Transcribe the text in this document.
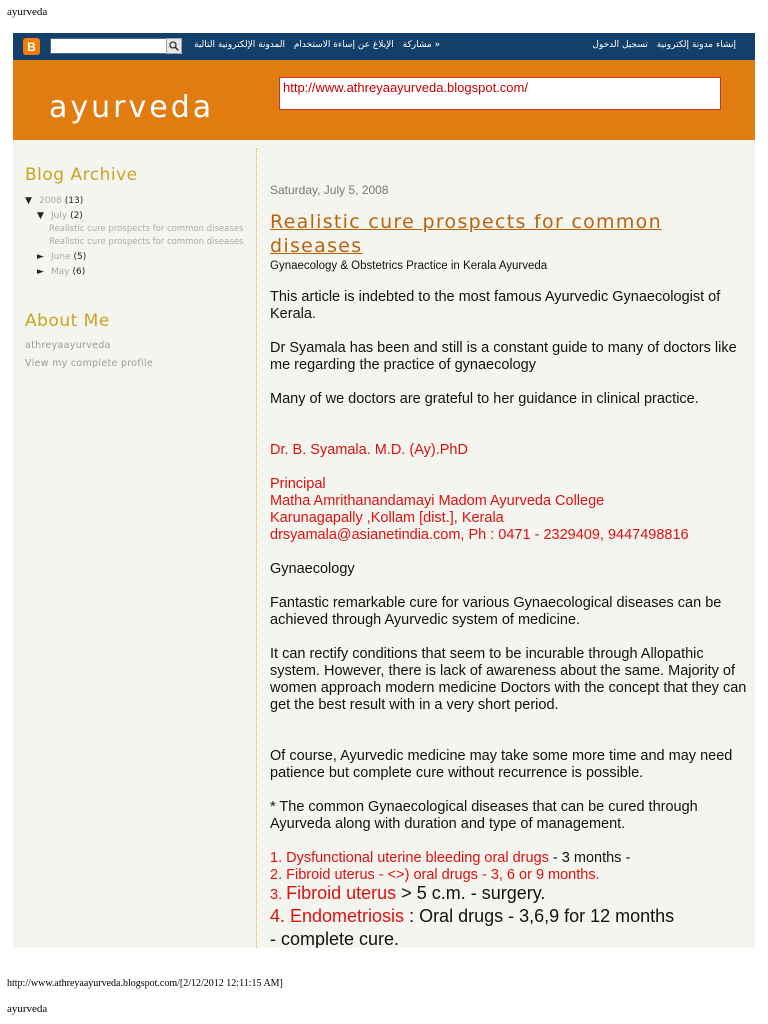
ayurveda
B	« مشاركة الإبلاغ عن إساءة الاستخدام المدونة الإلكترونية التالية	إنشاء مدونة إلكترونية تسجيل الدخول
ayurveda
http://www.athreyaayurveda.blogspot.com/
Blog Archive
▼ 2008 (13)
▼ July (2)
Realistic cure prospects for common diseases
Realistic cure prospects for common diseases
► June (5)
► May (6)
About Me
athreyaayurveda
View my complete profile
Saturday, July 5, 2008
Realistic cure prospects for common diseases
Gynaecology & Obstetrics Practice in Kerala Ayurveda
This article is indebted to the most famous Ayurvedic Gynaecologist of Kerala.
Dr Syamala has been and still is a constant guide to many of doctors like me regarding the practice of gynaecology
Many of we doctors are grateful to her guidance in clinical practice.
Dr. B. Syamala. M.D. (Ay).PhD
Principal
Matha Amrithanandamayi Madom Ayurveda College
Karunagapally ,Kollam [dist.], Kerala
drsyamala@asianetindia.com, Ph : 0471 - 2329409, 9447498816
Gynaecology
Fantastic remarkable cure for various Gynaecological diseases can be achieved through Ayurvedic system of medicine.
It can rectify conditions that seem to be incurable through Allopathic system. However, there is lack of awareness about the same. Majority of women approach modern medicine Doctors with the concept that they can get the best result with in a very short period.
Of course, Ayurvedic medicine may take some more time and may need patience but complete cure without recurrence is possible.
* The common Gynaecological diseases that can be cured through Ayurveda along with duration and type of management.
1. Dysfunctional uterine bleeding oral drugs - 3 months -
2. Fibroid uterus - <>) oral drugs - 3, 6 or 9 months.
3. Fibroid uterus > 5 c.m. - surgery.
4. Endometriosis : Oral drugs - 3,6,9 for 12 months
- complete cure.
http://www.athreyaayurveda.blogspot.com/[2/12/2012 12:11:15 AM]
ayurveda
